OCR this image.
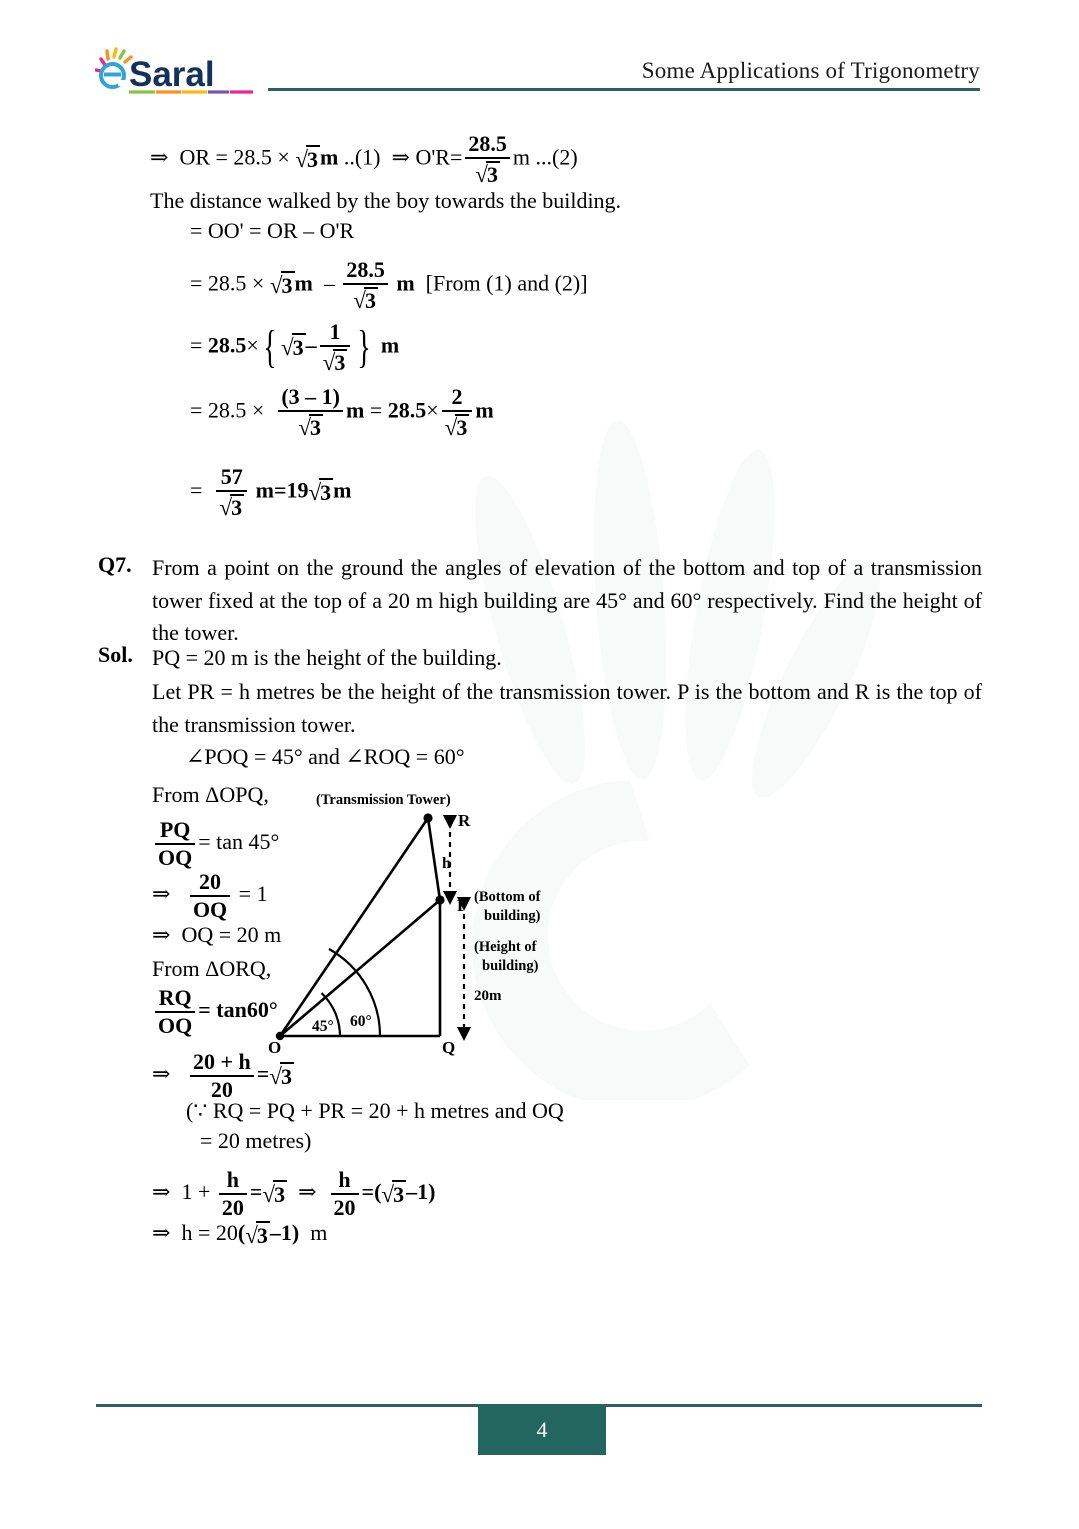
Saral	Some Applications of Trigonometry
⇒ OR = 28.5 × √3m ..(1) ⇒ $O'R= \frac{28.5}{√3}$ m ...(2)
The distance walked by the boy towards the building.
= OO' = OR – O'R
= $28.5 \times √3m - \frac{28.5}{√3}$ m [From (1) and (2)]
= 28.5×{ $√3- \frac{1}{√3}$ } m
= $28.5 \times \frac{(3 - 1)}{√3}$ $m = 28.5\times \frac{2}{√3}$ m
= $\frac{57}{√3} m=19√3m$
Q7. From a point on the ground the angles of elevation of the bottom and top of a transmission tower fixed at the top of a 20 m high building are 45° and 60° respectively. Find the height of the tower.
Sol. PQ = 20 m is the height of the building.
Let PR = h metres be the height of the transmission tower. P is the bottom and R is the top of the transmission tower.
∠POQ = 45° and ∠ROQ = 60°
From ΔOPQ,
$\frac{PQ}{OQ} = \tan 45^\circ$
⇒ $\frac{20}{OQ} = 1$
⇒ OQ = 20 m
From ΔORQ,
$\frac{RQ}{OQ} = \tan 60^\circ$
⇒ $\frac{20 + h}{20} =√3$
(∵ RQ = PQ + PR = 20 + h metres and OQ
= 20 metres)
⇒ $1 + \frac{h}{20} =√3$ ⇒ $\frac{h}{20} =(√3-1)$
⇒ h = 20(√3–1) m
(Transmission Tower)
R
P
Q
O
h
(Bottom of
building)
(Height of
building)
20m
45° 60°
4
